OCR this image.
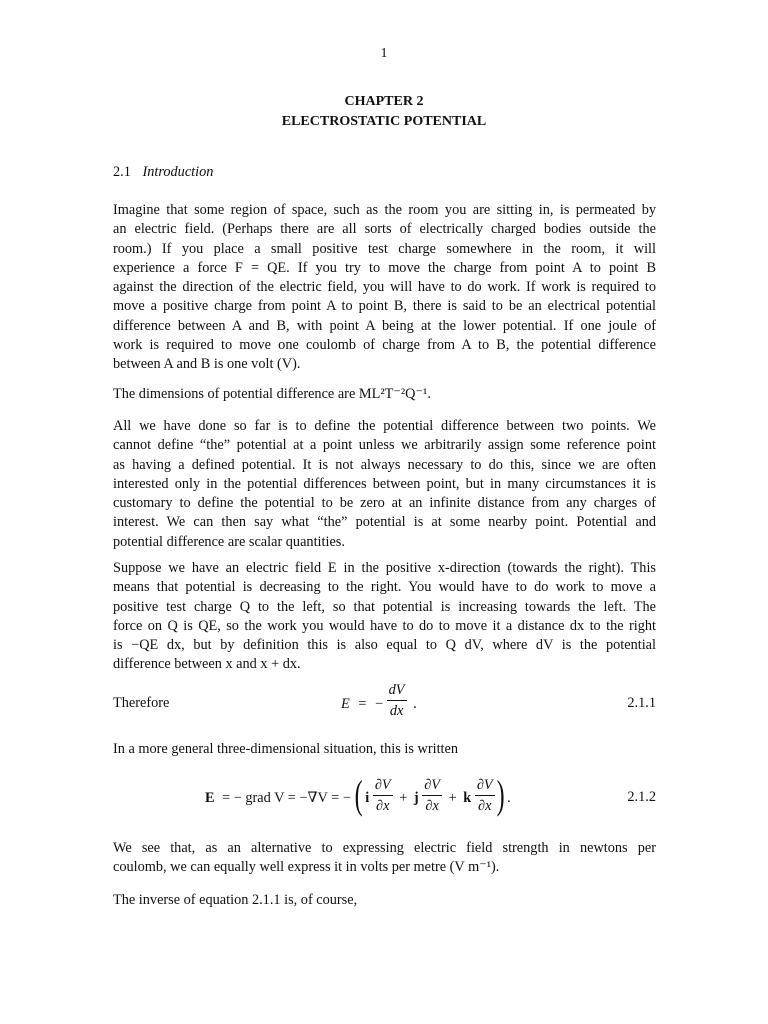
1
CHAPTER 2
ELECTROSTATIC POTENTIAL
2.1 Introduction
Imagine that some region of space, such as the room you are sitting in, is permeated by
an electric field. (Perhaps there are all sorts of electrically charged bodies outside the
room.) If you place a small positive test charge somewhere in the room, it will
experience a force F = QE. If you try to move the charge from point A to point B
against the direction of the electric field, you will have to do work. If work is required to
move a positive charge from point A to point B, there is said to be an electrical potential
difference between A and B, with point A being at the lower potential. If one joule of
work is required to move one coulomb of charge from A to B, the potential difference
between A and B is one volt (V).
The dimensions of potential difference are ML²T⁻²Q⁻¹.
All we have done so far is to define the potential difference between two points. We
cannot define “the” potential at a point unless we arbitrarily assign some reference point
as having a defined potential. It is not always necessary to do this, since we are often
interested only in the potential differences between point, but in many circumstances it is
customary to define the potential to be zero at an infinite distance from any charges of
interest. We can then say what “the” potential is at some nearby point. Potential and
potential difference are scalar quantities.
Suppose we have an electric field E in the positive x-direction (towards the right). This
means that potential is decreasing to the right. You would have to do work to move a
positive test charge Q to the left, so that potential is increasing towards the left. The
force on Q is QE, so the work you would have to do to move it a distance dx to the right
is −QE dx, but by definition this is also equal to Q dV, where dV is the potential
difference between x and x + dx.
Therefore	E = − $\frac{dV}{dx}$ .	2.1.1
In a more general three-dimensional situation, this is written
E = − grad V = −∇V = − ( i $\frac{\partial V}{\partial x} + j \frac{\partial V}{\partial x} + k \frac{\partial V}{\partial x}$ ) .	2.1.2
We see that, as an alternative to expressing electric field strength in newtons per
coulomb, we can equally well express it in volts per metre (V m⁻¹).
The inverse of equation 2.1.1 is, of course,
